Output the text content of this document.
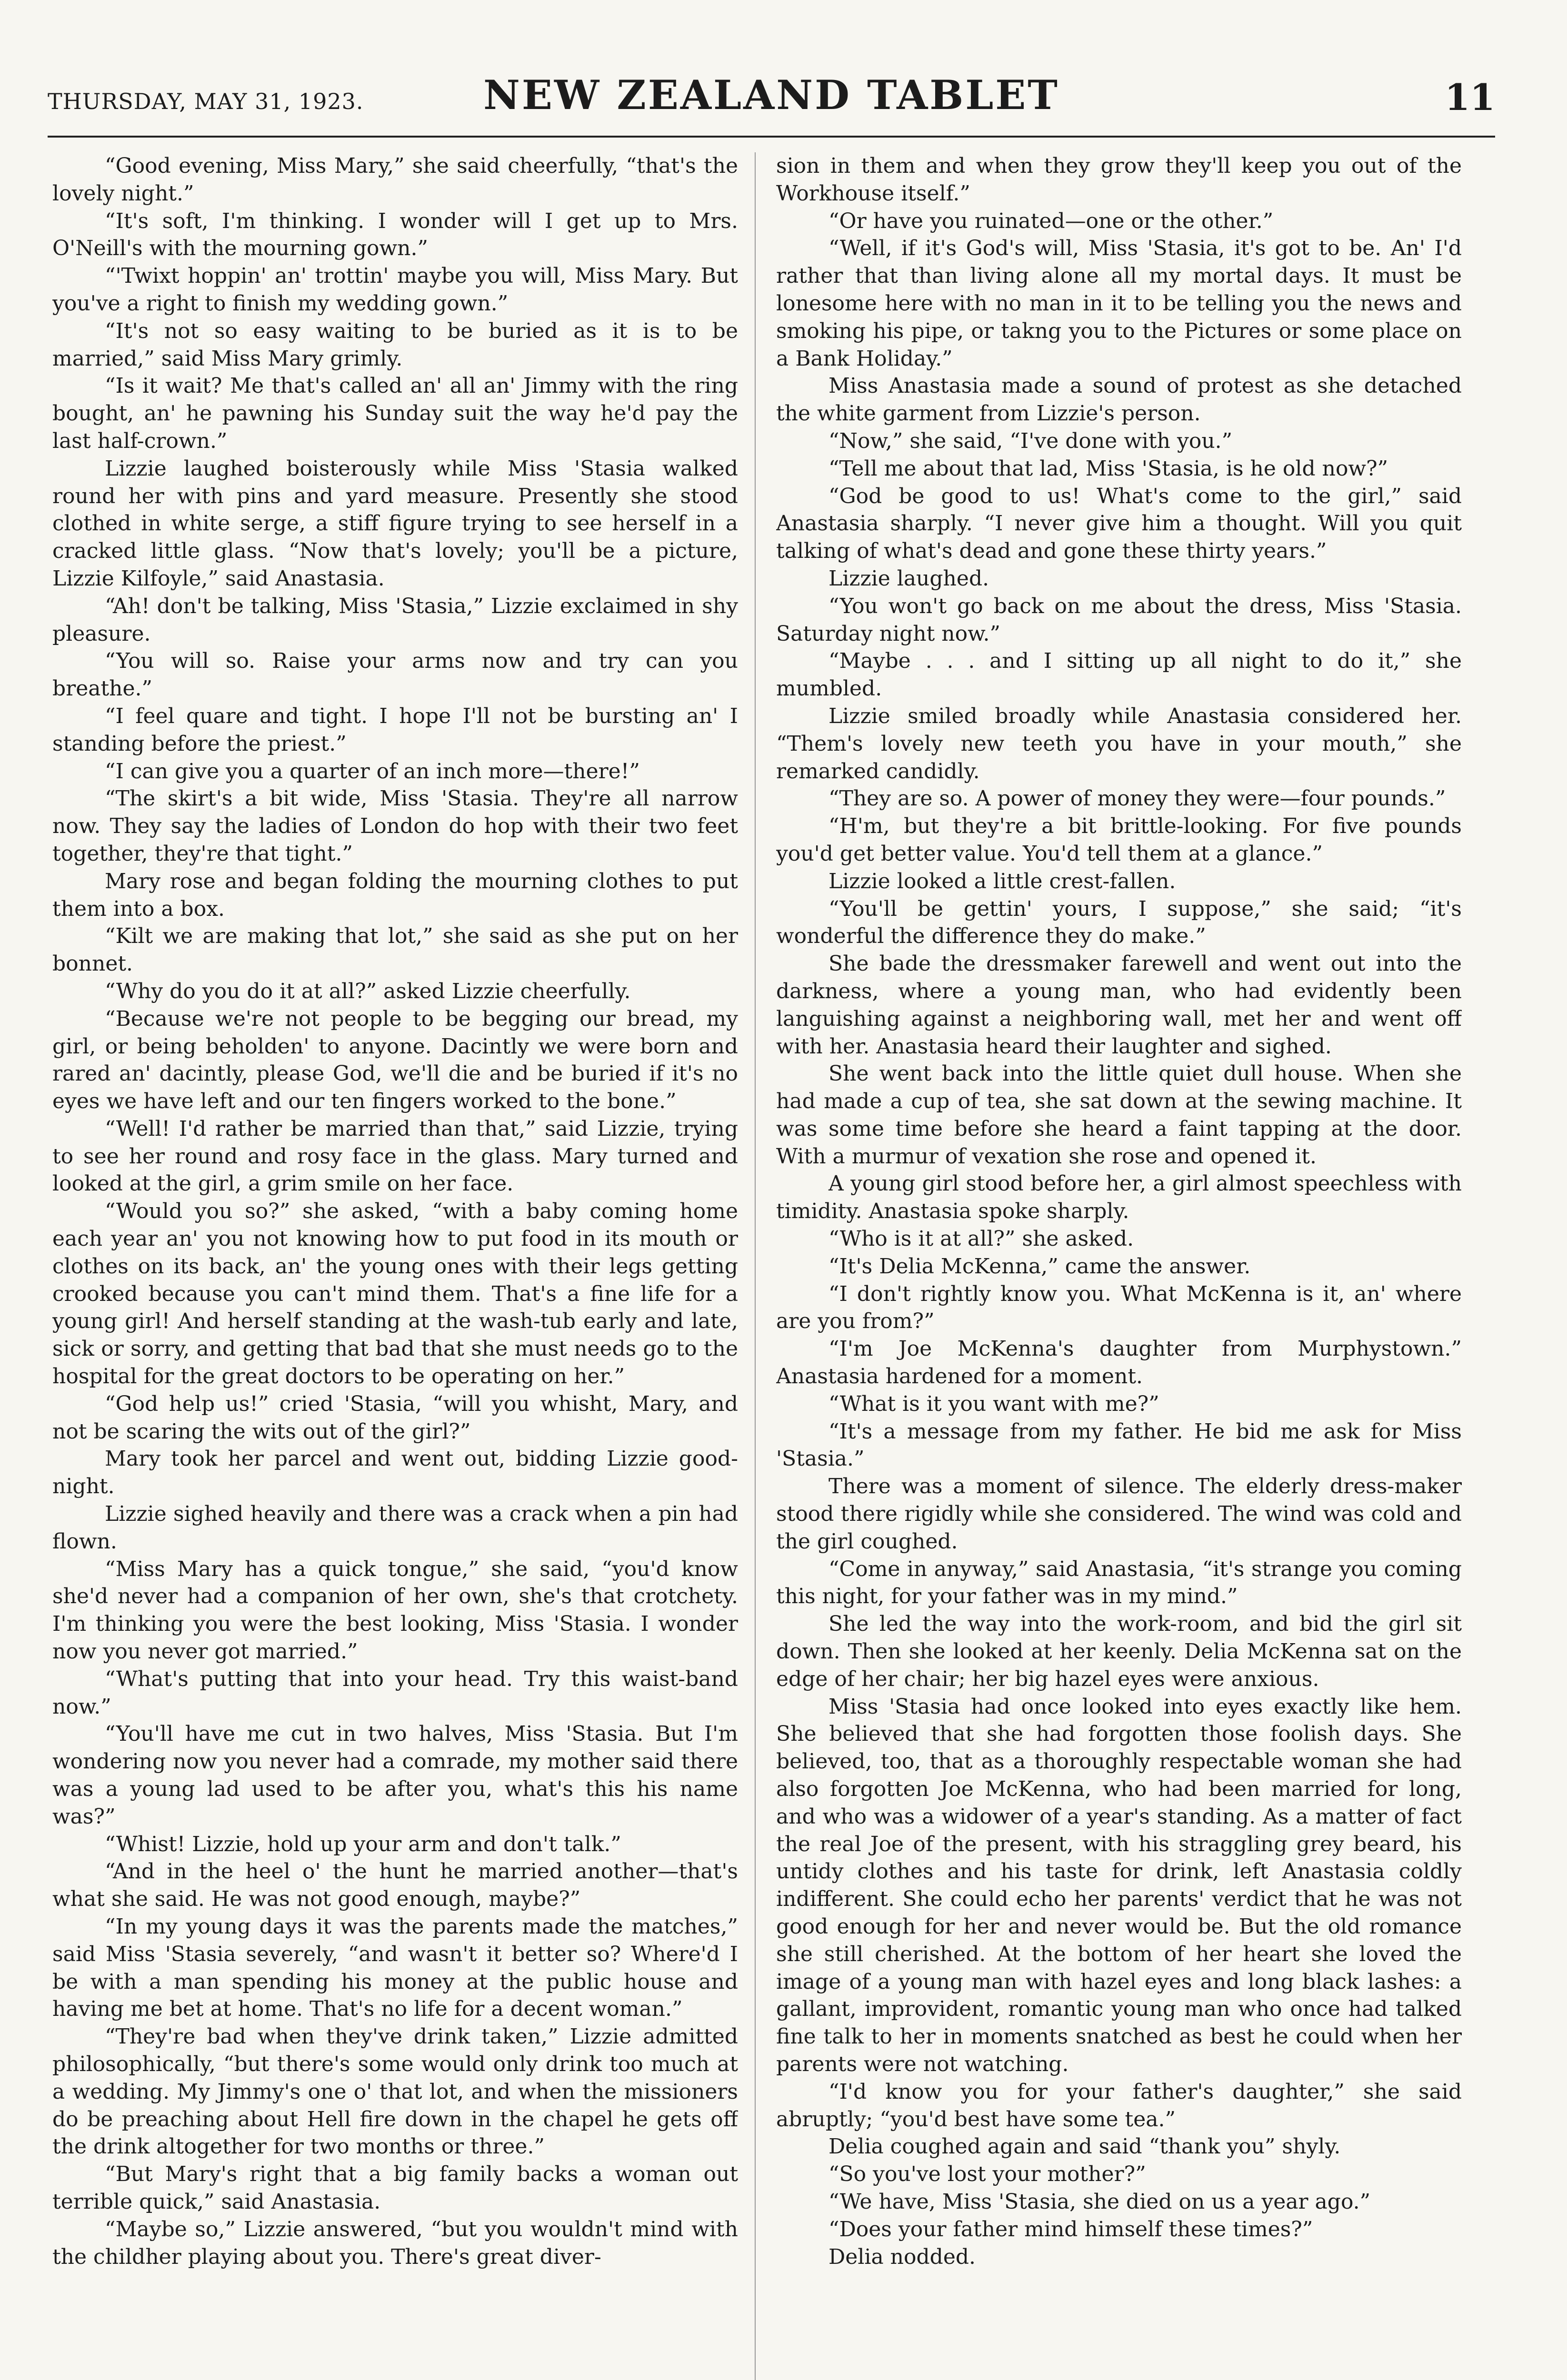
THURSDAY, MAY 31, 1923.	NEW ZEALAND TABLET	11

“Good evening, Miss Mary,” she said cheerfully, “that's the lovely night.”

“It's soft, I'm thinking. I wonder will I get up to Mrs. O'Neill's with the mourning gown.”

“'Twixt hoppin' an' trottin' maybe you will, Miss Mary. But you've a right to finish my wedding gown.”

“It's not so easy waiting to be buried as it is to be married,” said Miss Mary grimly.

“Is it wait? Me that's called an' all an' Jimmy with the ring bought, an' he pawning his Sunday suit the way he'd pay the last half-crown.”

Lizzie laughed boisterously while Miss 'Stasia walked round her with pins and yard measure. Presently she stood clothed in white serge, a stiff figure trying to see herself in a cracked little glass. “Now that's lovely; you'll be a picture, Lizzie Kilfoyle,” said Anastasia.

“Ah! don't be talking, Miss 'Stasia,” Lizzie exclaimed in shy pleasure.

“You will so. Raise your arms now and try can you breathe.”

“I feel quare and tight. I hope I'll not be bursting an' I standing before the priest.”

“I can give you a quarter of an inch more—there!”

“The skirt's a bit wide, Miss 'Stasia. They're all narrow now. They say the ladies of London do hop with their two feet together, they're that tight.”

Mary rose and began folding the mourning clothes to put them into a box.

“Kilt we are making that lot,” she said as she put on her bonnet.

“Why do you do it at all?” asked Lizzie cheerfully.

“Because we're not people to be begging our bread, my girl, or being beholden' to anyone. Dacintly we were born and rared an' dacintly, please God, we'll die and be buried if it's no eyes we have left and our ten fingers worked to the bone.”

“Well! I'd rather be married than that,” said Lizzie, trying to see her round and rosy face in the glass. Mary turned and looked at the girl, a grim smile on her face.

“Would you so?” she asked, “with a baby coming home each year an' you not knowing how to put food in its mouth or clothes on its back, an' the young ones with their legs getting crooked because you can't mind them. That's a fine life for a young girl! And herself standing at the wash-tub early and late, sick or sorry, and getting that bad that she must needs go to the hospital for the great doctors to be operating on her.”

“God help us!” cried 'Stasia, “will you whisht, Mary, and not be scaring the wits out of the girl?”

Mary took her parcel and went out, bidding Lizzie good-night.

Lizzie sighed heavily and there was a crack when a pin had flown.

“Miss Mary has a quick tongue,” she said, “you'd know she'd never had a companion of her own, she's that crotchety. I'm thinking you were the best looking, Miss 'Stasia. I wonder now you never got married.”

“What's putting that into your head. Try this waist-band now.”

“You'll have me cut in two halves, Miss 'Stasia. But I'm wondering now you never had a comrade, my mother said there was a young lad used to be after you, what's this his name was?”

“Whist! Lizzie, hold up your arm and don't talk.”

“And in the heel o' the hunt he married another—that's what she said. He was not good enough, maybe?”

“In my young days it was the parents made the matches,” said Miss 'Stasia severely, “and wasn't it better so? Where'd I be with a man spending his money at the public house and having me bet at home. That's no life for a decent woman.”

“They're bad when they've drink taken,” Lizzie admitted philosophically, “but there's some would only drink too much at a wedding. My Jimmy's one o' that lot, and when the missioners do be preaching about Hell fire down in the chapel he gets off the drink altogether for two months or three.”

“But Mary's right that a big family backs a woman out terrible quick,” said Anastasia.

“Maybe so,” Lizzie answered, “but you wouldn't mind with the childher playing about you. There's great diver-

sion in them and when they grow they'll keep you out of the Workhouse itself.”

“Or have you ruinated—one or the other.”

“Well, if it's God's will, Miss 'Stasia, it's got to be. An' I'd rather that than living alone all my mortal days. It must be lonesome here with no man in it to be telling you the news and smoking his pipe, or takng you to the Pictures or some place on a Bank Holiday.”

Miss Anastasia made a sound of protest as she detached the white garment from Lizzie's person.

“Now,” she said, “I've done with you.”

“Tell me about that lad, Miss 'Stasia, is he old now?”

“God be good to us! What's come to the girl,” said Anastasia sharply. “I never give him a thought. Will you quit talking of what's dead and gone these thirty years.”

Lizzie laughed.

“You won't go back on me about the dress, Miss 'Stasia. Saturday night now.”

“Maybe . . . and I sitting up all night to do it,” she mumbled.

Lizzie smiled broadly while Anastasia considered her. “Them's lovely new teeth you have in your mouth,” she remarked candidly.

“They are so. A power of money they were—four pounds.”

“H'm, but they're a bit brittle-looking. For five pounds you'd get better value. You'd tell them at a glance.”

Lizzie looked a little crest-fallen.

“You'll be gettin' yours, I suppose,” she said; “it's wonderful the difference they do make.”

She bade the dressmaker farewell and went out into the darkness, where a young man, who had evidently been languishing against a neighboring wall, met her and went off with her. Anastasia heard their laughter and sighed.

She went back into the little quiet dull house. When she had made a cup of tea, she sat down at the sewing machine. It was some time before she heard a faint tapping at the door. With a murmur of vexation she rose and opened it.

A young girl stood before her, a girl almost speechless with timidity. Anastasia spoke sharply.

“Who is it at all?” she asked.

“It's Delia McKenna,” came the answer.

“I don't rightly know you. What McKenna is it, an' where are you from?”

“I'm Joe McKenna's daughter from Murphystown.” Anastasia hardened for a moment.

“What is it you want with me?”

“It's a message from my father. He bid me ask for Miss 'Stasia.”

There was a moment of silence. The elderly dress-maker stood there rigidly while she considered. The wind was cold and the girl coughed.

“Come in anyway,” said Anastasia, “it's strange you coming this night, for your father was in my mind.”

She led the way into the work-room, and bid the girl sit down. Then she looked at her keenly. Delia McKenna sat on the edge of her chair; her big hazel eyes were anxious.

Miss 'Stasia had once looked into eyes exactly like hem. She believed that she had forgotten those foolish days. She believed, too, that as a thoroughly respectable woman she had also forgotten Joe McKenna, who had been married for long, and who was a widower of a year's standing. As a matter of fact the real Joe of the present, with his straggling grey beard, his untidy clothes and his taste for drink, left Anastasia coldly indifferent. She could echo her parents' verdict that he was not good enough for her and never would be. But the old romance she still cherished. At the bottom of her heart she loved the image of a young man with hazel eyes and long black lashes: a gallant, improvident, romantic young man who once had talked fine talk to her in moments snatched as best he could when her parents were not watching.

“I'd know you for your father's daughter,” she said abruptly; “you'd best have some tea.”

Delia coughed again and said “thank you” shyly.

“So you've lost your mother?”

“We have, Miss 'Stasia, she died on us a year ago.”

“Does your father mind himself these times?”

Delia nodded.
